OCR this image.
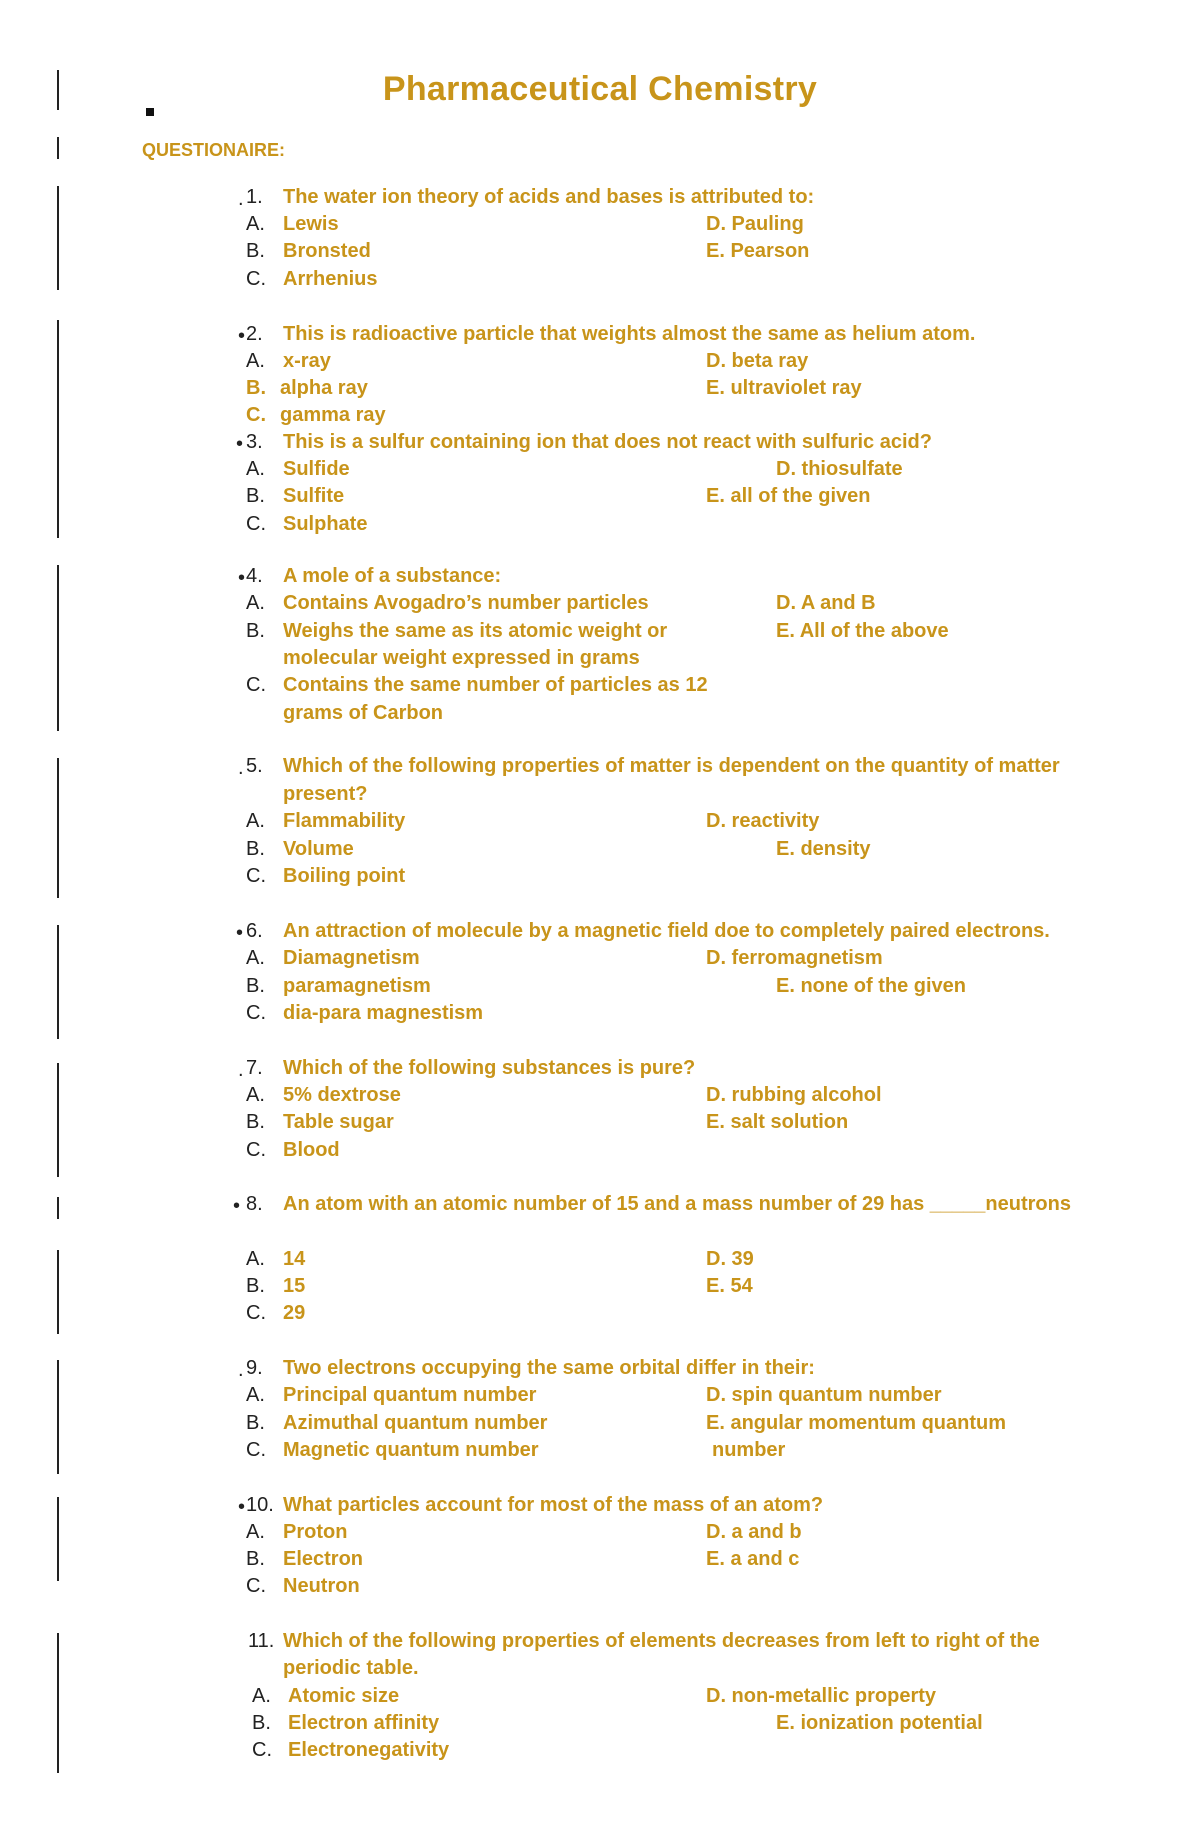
Pharmaceutical Chemistry
QUESTIONAIRE:
. 1. The water ion theory of acids and bases is attributed to:
A. Lewis	D. Pauling
B. Bronsted	E. Pearson
C. Arrhenius
• 2. This is radioactive particle that weights almost the same as helium atom.
A. x-ray	D. beta ray
B. alpha ray	E. ultraviolet ray
C. gamma ray
• 3. This is a sulfur containing ion that does not react with sulfuric acid?
A. Sulfide	D. thiosulfate
B. Sulfite	E. all of the given
C. Sulphate
• 4. A mole of a substance:
A. Contains Avogadro’s number particles	D. A and B
B. Weighs the same as its atomic weight or	E. All of the above
molecular weight expressed in grams
C. Contains the same number of particles as 12
grams of Carbon
. 5. Which of the following properties of matter is dependent on the quantity of matter
present?
A. Flammability	D. reactivity
B. Volume	E. density
C. Boiling point
• 6. An attraction of molecule by a magnetic field doe to completely paired electrons.
A. Diamagnetism	D. ferromagnetism
B. paramagnetism	E. none of the given
C. dia-para magnestism
. 7. Which of the following substances is pure?
A. 5% dextrose	D. rubbing alcohol
B. Table sugar	E. salt solution
C. Blood
• 8. An atom with an atomic number of 15 and a mass number of 29 has _____neutrons
A. 14	D. 39
B. 15	E. 54
C. 29
. 9. Two electrons occupying the same orbital differ in their:
A. Principal quantum number	D. spin quantum number
B. Azimuthal quantum number	E. angular momentum quantum
C. Magnetic quantum number	number
• 10. What particles account for most of the mass of an atom?
A. Proton	D. a and b
B. Electron	E. a and c
C. Neutron
11. Which of the following properties of elements decreases from left to right of the
periodic table.
A. Atomic size	D. non-metallic property
B. Electron affinity	E. ionization potential
C. Electronegativity
